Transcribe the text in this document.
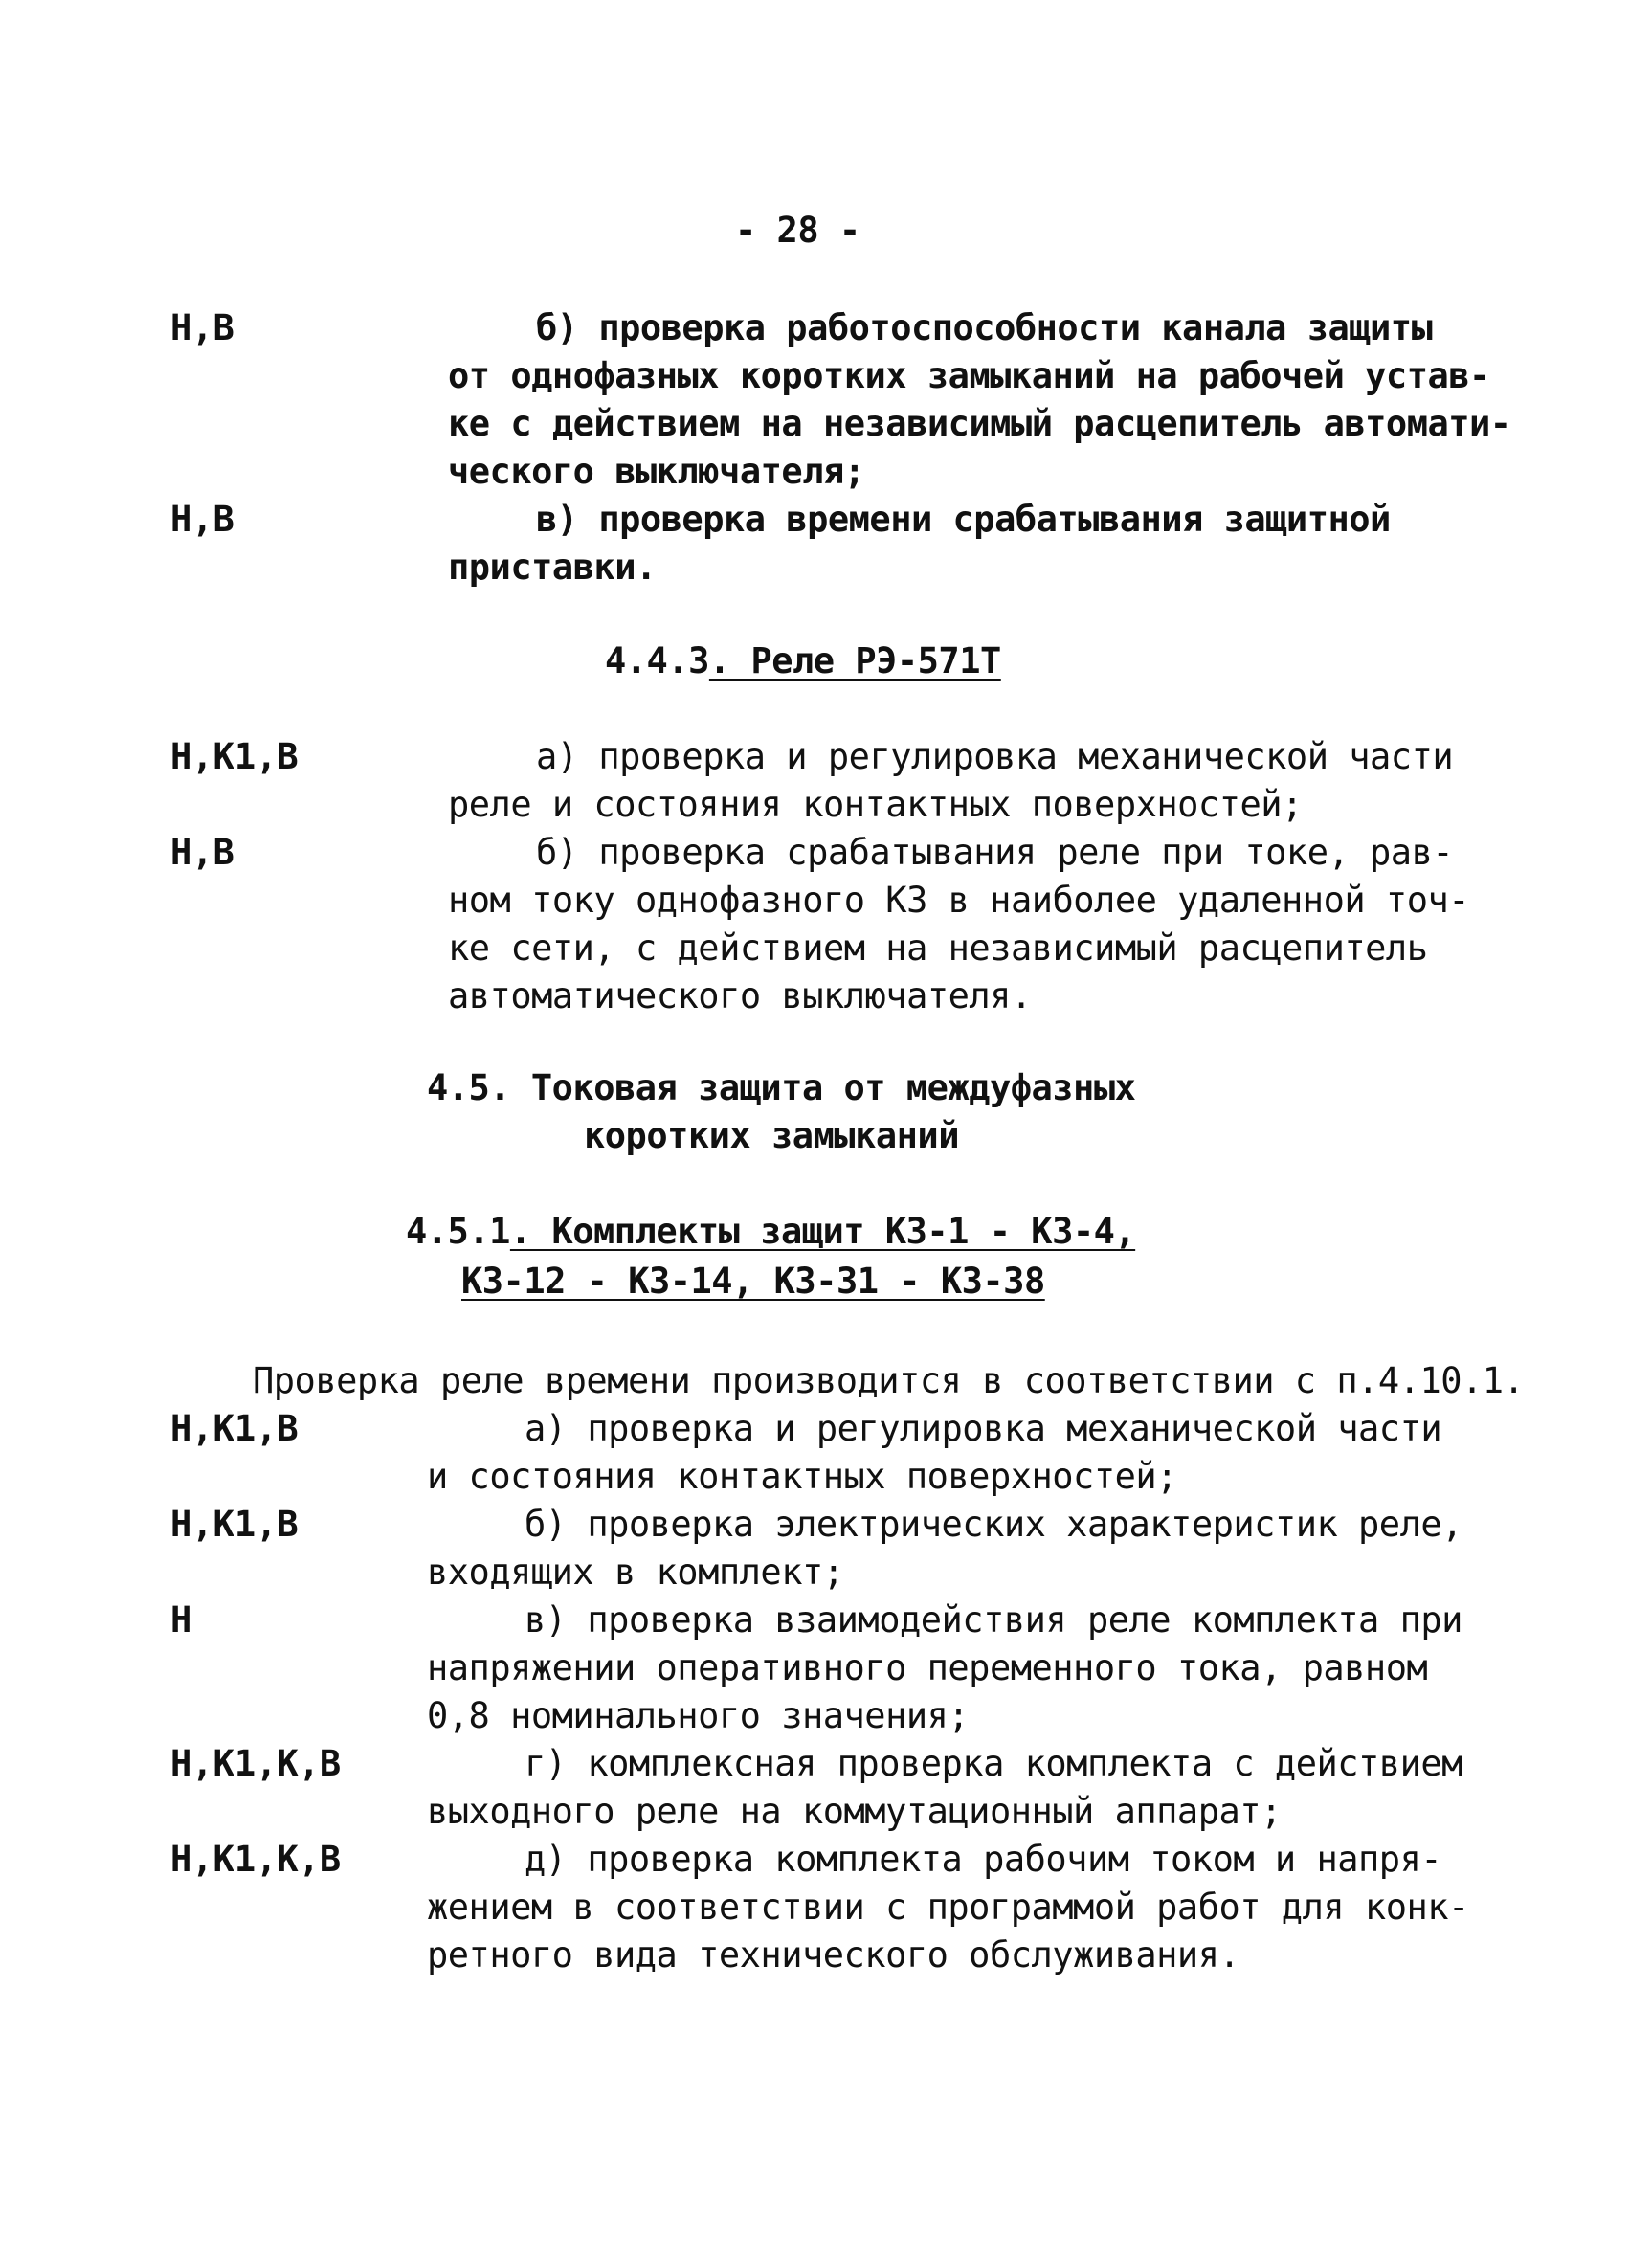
- 28 -
Н,В	б) проверка работоспособности канала защиты
от однофазных коротких замыканий на рабочей устав-
ке с действием на независимый расцепитель автомати-
ческого выключателя;
Н,В	в) проверка времени срабатывания защитной
приставки.
4.4.3. Реле РЭ-571Т
Н,К1,В	а) проверка и регулировка механической части
реле и состояния контактных поверхностей;
Н,В	б) проверка срабатывания реле при токе, рав-
ном току однофазного КЗ в наиболее удаленной точ-
ке сети, с действием на независимый расцепитель
автоматического выключателя.
4.5. Токовая защита от междуфазных
коротких замыканий
4.5.1. Комплекты защит КЗ-1 - КЗ-4,
КЗ-12 - КЗ-14, КЗ-31 - КЗ-38
Проверка реле времени производится в соответствии с п.4.10.1.
Н,К1,В	а) проверка и регулировка механической части
и состояния контактных поверхностей;
Н,К1,В	б) проверка электрических характеристик реле,
входящих в комплект;
Н	в) проверка взаимодействия реле комплекта при
напряжении оперативного переменного тока, равном
0,8 номинального значения;
Н,К1,К,В	г) комплексная проверка комплекта с действием
выходного реле на коммутационный аппарат;
Н,К1,К,В	д) проверка комплекта рабочим током и напря-
жением в соответствии с программой работ для конк-
ретного вида технического обслуживания.
